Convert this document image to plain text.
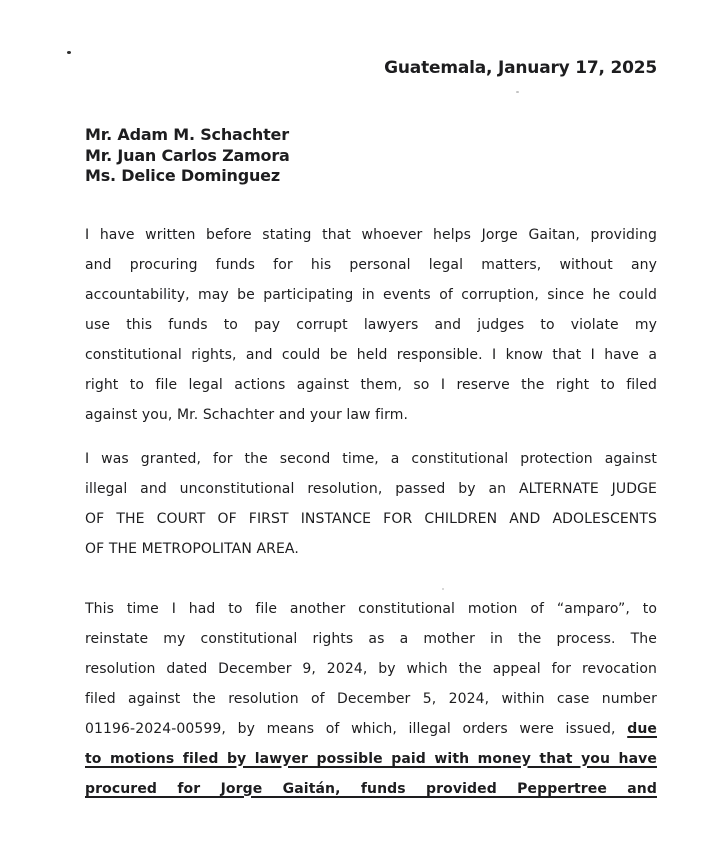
Guatemala, January 17, 2025
Mr. Adam M. Schachter
Mr. Juan Carlos Zamora
Ms. Delice Dominguez
I have written before stating that whoever helps Jorge Gaitan, providing
and procuring funds for his personal legal matters, without any
accountability, may be participating in events of corruption, since he could
use this funds to pay corrupt lawyers and judges to violate my
constitutional rights, and could be held responsible. I know that I have a
right to file legal actions against them, so I reserve the right to filed
against you, Mr. Schachter and your law firm.
I was granted, for the second time, a constitutional protection against
illegal and unconstitutional resolution, passed by an ALTERNATE JUDGE
OF THE COURT OF FIRST INSTANCE FOR CHILDREN AND ADOLESCENTS
OF THE METROPOLITAN AREA.
This time I had to file another constitutional motion of “amparo”, to
reinstate my constitutional rights as a mother in the process. The
resolution dated December 9, 2024, by which the appeal for revocation
filed against the resolution of December 5, 2024, within case number
01196-2024-00599, by means of which, illegal orders were issued, due
to motions filed by lawyer possible paid with money that you have
procured for Jorge Gaitán, funds provided Peppertree and
